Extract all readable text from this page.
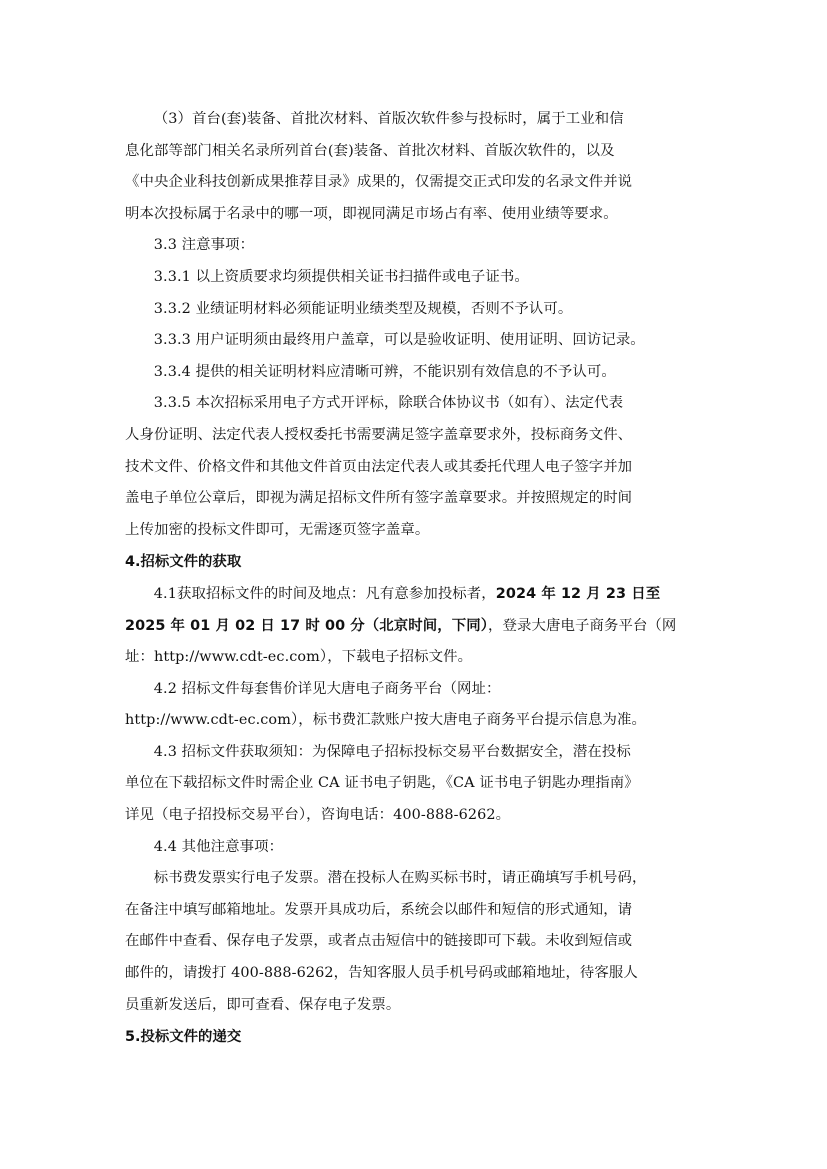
（3）首台(套)装备、首批次材料、首版次软件参与投标时，属于工业和信
息化部等部门相关名录所列首台(套)装备、首批次材料、首版次软件的，以及
《中央企业科技创新成果推荐目录》成果的，仅需提交正式印发的名录文件并说
明本次投标属于名录中的哪一项，即视同满足市场占有率、使用业绩等要求。

3.3 注意事项：

3.3.1 以上资质要求均须提供相关证书扫描件或电子证书。

3.3.2 业绩证明材料必须能证明业绩类型及规模，否则不予认可。

3.3.3 用户证明须由最终用户盖章，可以是验收证明、使用证明、回访记录。

3.3.4 提供的相关证明材料应清晰可辨，不能识别有效信息的不予认可。

3.3.5 本次招标采用电子方式开评标，除联合体协议书（如有）、法定代表
人身份证明、法定代表人授权委托书需要满足签字盖章要求外，投标商务文件、
技术文件、价格文件和其他文件首页由法定代表人或其委托代理人电子签字并加
盖电子单位公章后，即视为满足招标文件所有签字盖章要求。并按照规定的时间
上传加密的投标文件即可，无需逐页签字盖章。

4.招标文件的获取

4.1获取招标文件的时间及地点：凡有意参加投标者，2024 年 12 月 23 日至
2025 年 01 月 02 日 17 时 00 分（北京时间，下同），登录大唐电子商务平台（网
址：http://www.cdt-ec.com），下载电子招标文件。

4.2 招标文件每套售价详见大唐电子商务平台（网址：
http://www.cdt-ec.com），标书费汇款账户按大唐电子商务平台提示信息为准。

4.3 招标文件获取须知：为保障电子招标投标交易平台数据安全，潜在投标
单位在下载招标文件时需企业 CA 证书电子钥匙，《CA 证书电子钥匙办理指南》
详见（电子招投标交易平台），咨询电话：400-888-6262。

4.4 其他注意事项：

标书费发票实行电子发票。潜在投标人在购买标书时，请正确填写手机号码，
在备注中填写邮箱地址。发票开具成功后，系统会以邮件和短信的形式通知，请
在邮件中查看、保存电子发票，或者点击短信中的链接即可下载。未收到短信或
邮件的，请拨打 400-888-6262，告知客服人员手机号码或邮箱地址，待客服人
员重新发送后，即可查看、保存电子发票。

5.投标文件的递交
